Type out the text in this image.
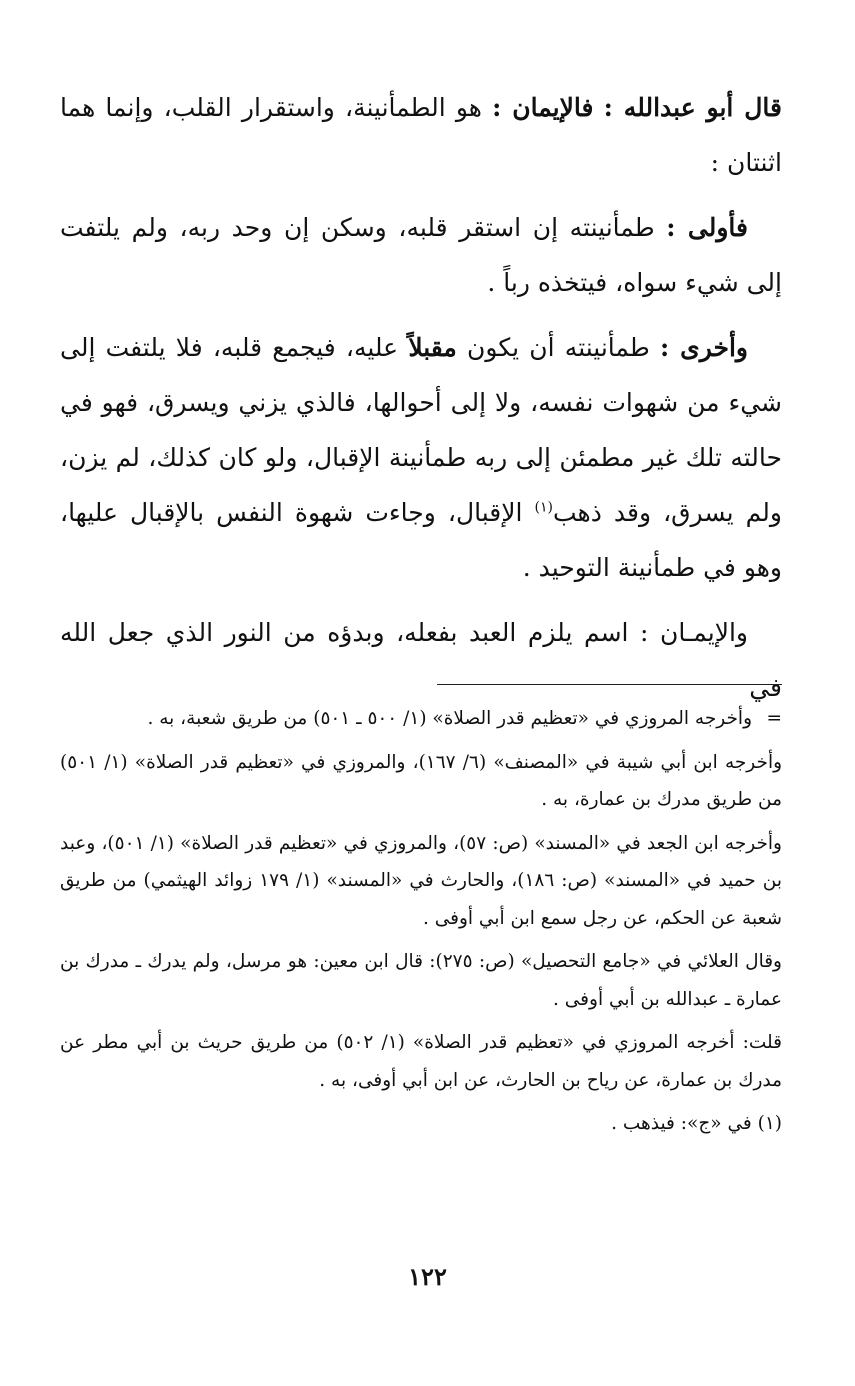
قال أبو عبدالله : فالإيمان : هو الطمأنينة، واستقرار القلب، وإنما هما اثنتان :

فأولى : طمأنينته إن استقر قلبه، وسكن إن وحد ربه، ولم يلتفت إلى شيء سواه، فيتخذه رباً .

وأخرى : طمأنينته أن يكون مقبلاً عليه، فيجمع قلبه، فلا يلتفت إلى شيء من شهوات نفسه، ولا إلى أحوالها، فالذي يزني ويسرق، فهو في حالته تلك غير مطمئن إلى ربه طمأنينة الإقبال، ولو كان كذلك، لم يزن، ولم يسرق، وقد ذهب$^{(١)}$ الإقبال، وجاءت شهوة النفس بالإقبال عليها، وهو في طمأنينة التوحيد .

والإيمـان : اسم يلزم العبد بفعله، وبدؤه من النور الذي جعل الله في

=
وأخرجه المروزي في «تعظيم قدر الصلاة» (١/ ٥٠٠ ـ ٥٠١) من طريق شعبة، به .

وأخرجه ابن أبي شيبة في «المصنف» (٦/ ١٦٧)، والمروزي في «تعظيم قدر الصلاة» (١/ ٥٠١) من طريق مدرك بن عمارة، به .

وأخرجه ابن الجعد في «المسند» (ص: ٥٧)، والمروزي في «تعظيم قدر الصلاة» (١/ ٥٠١)، وعبد بن حميد في «المسند» (ص: ١٨٦)، والحارث في «المسند» (١/ ١٧٩ زوائد الهيثمي) من طريق شعبة عن الحكم، عن رجل سمع ابن أبي أوفى .

وقال العلائي في «جامع التحصيل» (ص: ٢٧٥): قال ابن معين: هو مرسل، ولم يدرك ـ مدرك بن عمارة ـ عبدالله بن أبي أوفى .

قلت: أخرجه المروزي في «تعظيم قدر الصلاة» (١/ ٥٠٢) من طريق حريث بن أبي مطر عن مدرك بن عمارة، عن رياح بن الحارث، عن ابن أبي أوفى، به .

(١) في «ج»: فيذهب .

١٢٢
